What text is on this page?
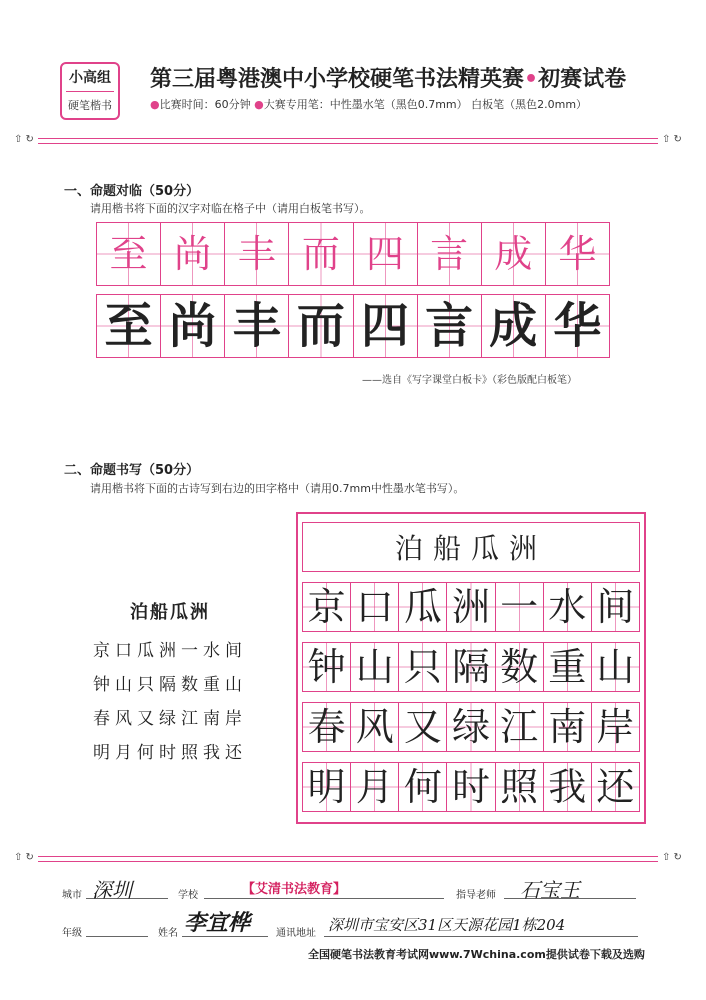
小高组
硬笔楷书
第三届粤港澳中小学校硬笔书法精英赛•初赛试卷
●比赛时间：60分钟 ●大赛专用笔：中性墨水笔（黑色0.7mm） 白板笔（黑色2.0mm）
⇧ ↻	⇧ ↻
一、命题对临（50分）
请用楷书将下面的汉字对临在格子中（请用白板笔书写）。
至 尚 丰 而 四 言 成 华
至 尚 丰 而 四 言 成 华
——选自《写字课堂白板卡》（彩色版配白板笔）
二、命题书写（50分）
请用楷书将下面的古诗写到右边的田字格中（请用0.7mm中性墨水笔书写）。
泊船瓜洲
京口瓜洲一水间
钟山只隔数重山
春风又绿江南岸
明月何时照我还
泊船瓜洲
京 口 瓜 洲 一 水 间
钟 山 只 隔 数 重 山
春 风 又 绿 江 南 岸
明 月 何 时 照 我 还
⇧ ↻	⇧ ↻
城市 深圳	学校	【艾清书法教育】	指导老师 石宝王
年级	姓名 李宜桦	通讯地址 深圳市宝安区31区天源花园1栋204
全国硬笔书法教育考试网www.7Wchina.com提供试卷下载及选购
